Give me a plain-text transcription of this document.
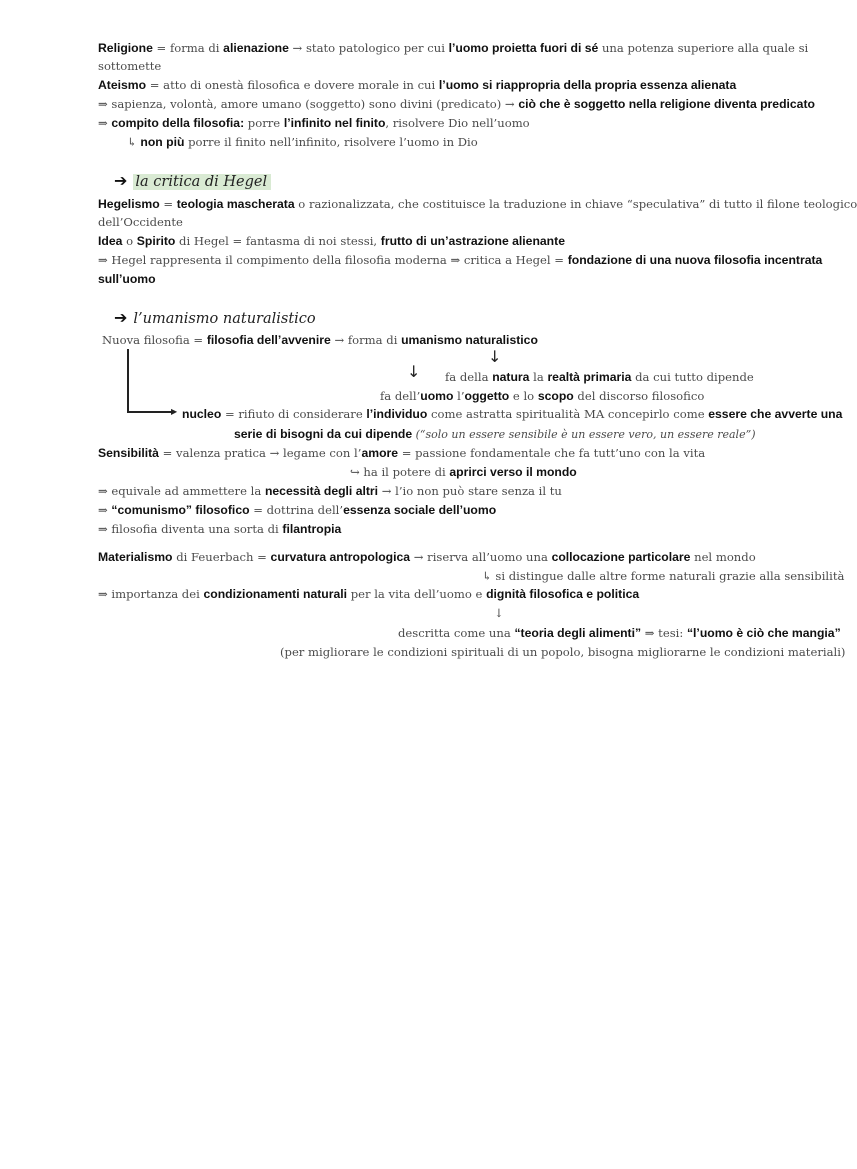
Religione = forma di alienazione → stato patologico per cui l’uomo proietta fuori di sé una potenza superiore alla quale si
sottomette
Ateismo = atto di onestà filosofica e dovere morale in cui l’uomo si riappropria della propria essenza alienata
⇒ sapienza, volontà, amore umano (soggetto) sono divini (predicato) → ciò che è soggetto nella religione diventa predicato
⇒ compito della filosofia: porre l’infinito nel finito, risolvere Dio nell’uomo
↳ non più porre il finito nell’infinito, risolvere l’uomo in Dio
➔ la critica di Hegel
Hegelismo = teologia mascherata o razionalizzata, che costituisce la traduzione in chiave “speculativa” di tutto il filone teologico
dell’Occidente
Idea o Spirito di Hegel = fantasma di noi stessi, frutto di un’astrazione alienante
⇒ Hegel rappresenta il compimento della filosofia moderna ⇒ critica a Hegel = fondazione di una nuova filosofia incentrata
sull’uomo
➔ l’umanismo naturalistico
Nuova filosofia = filosofia dell’avvenire → forma di umanismo naturalistico
▶
↓
↓
fa della natura la realtà primaria da cui tutto dipende
fa dell’uomo l’oggetto e lo scopo del discorso filosofico
nucleo = rifiuto di considerare l’individuo come astratta spiritualità MA concepirlo come essere che avverte una
serie di bisogni da cui dipende (“solo un essere sensibile è un essere vero, un essere reale”)
Sensibilità = valenza pratica → legame con l’amore = passione fondamentale che fa tutt’uno con la vita
↪ ha il potere di aprirci verso il mondo
⇒ equivale ad ammettere la necessità degli altri → l’io non può stare senza il tu
⇒ “comunismo” filosofico = dottrina dell’essenza sociale dell’uomo
⇒ filosofia diventa una sorta di filantropia
Materialismo di Feuerbach = curvatura antropologica → riserva all’uomo una collocazione particolare nel mondo
↳ si distingue dalle altre forme naturali grazie alla sensibilità
⇒ importanza dei condizionamenti naturali per la vita dell’uomo e dignità filosofica e politica
↓
descritta come una “teoria degli alimenti” ⇒ tesi: “l’uomo è ciò che mangia”
(per migliorare le condizioni spirituali di un popolo, bisogna migliorarne le condizioni materiali)
